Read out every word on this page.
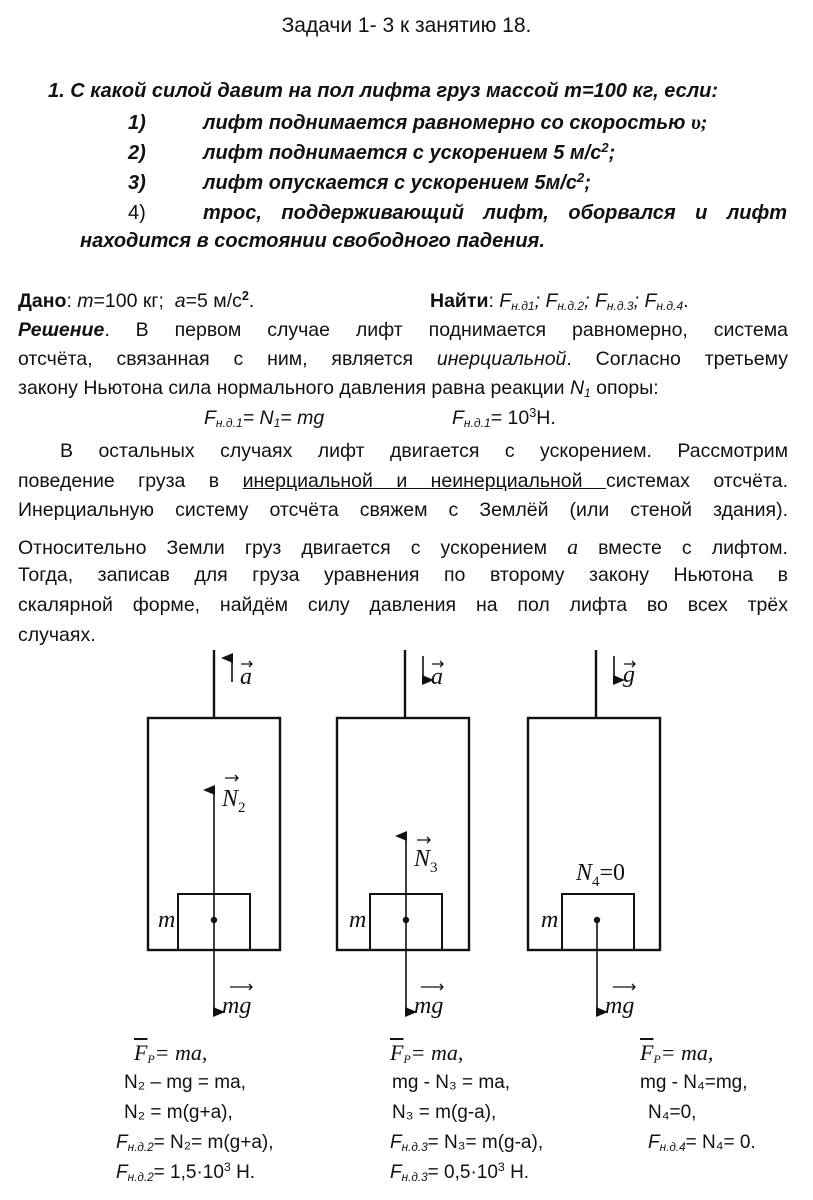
Задачи 1- 3 к занятию 18.
1. С какой силой давит на пол лифта груз массой m=100 кг, если:
1)	лифт поднимается равномерно со скоростью υ;
2)	лифт поднимается с ускорением 5 $м/с^2$;
3)	лифт опускается с ускорением $5м/с^2$;
4)	трос, поддерживающий лифт, оборвался и лифт
находится в состоянии свободного падения.
Дано: m=100 кг; a=5 $м/с^2$.	Найти: $F_{н.д1}$; $F_{н.д.2}$; $F_{н.д.3}$; $F_{н.д.4}$.
Решение. В первом случае лифт поднимается равномерно, система
отсчёта, связанная с ним, является инерциальной. Согласно третьему
закону Ньютона сила нормального давления равна реакции $N_1$ опоры:
$F_{н.д.1}= N_1=$ mg	$F_{н.д.1}= 10^3Н$.
В остальных случаях лифт двигается с ускорением. Рассмотрим
поведение груза в инерциальной и неинерциальной системах отсчёта.
Инерциальную систему отсчёта свяжем с Землёй (или стеной здания).
Относительно Земли груз двигается с ускорением a вместе с лифтом.
Тогда, записав для груза уравнения по второму закону Ньютона в
скалярной форме, найдём силу давления на пол лифта во всех трёх
случаях.
a	a	g
$N_2$
$N_3$	$N_4=0$
m	m	m
mg	mg	mg
$\overline{F}_P=$ ma,
N₂ – mg = ma,
N₂ = m(g+a),
$F_{н.д.2}= N_2= m(g+a)$,
$F_{н.д.2}= 1,5\cdot 10^3$ Н.
$\overline{F}_P=$ ma,
mg - N₃ = ma,
N₃ = m(g-a),
$F_{н.д.3}= N_3= m(g-a)$,
$F_{н.д.3}= 0,5\cdot 10^3$ Н.
$\overline{F}_P=$ ma,
mg - N₄=mg,
N₄=0,
$F_{н.д.4}= N_4= 0$.
